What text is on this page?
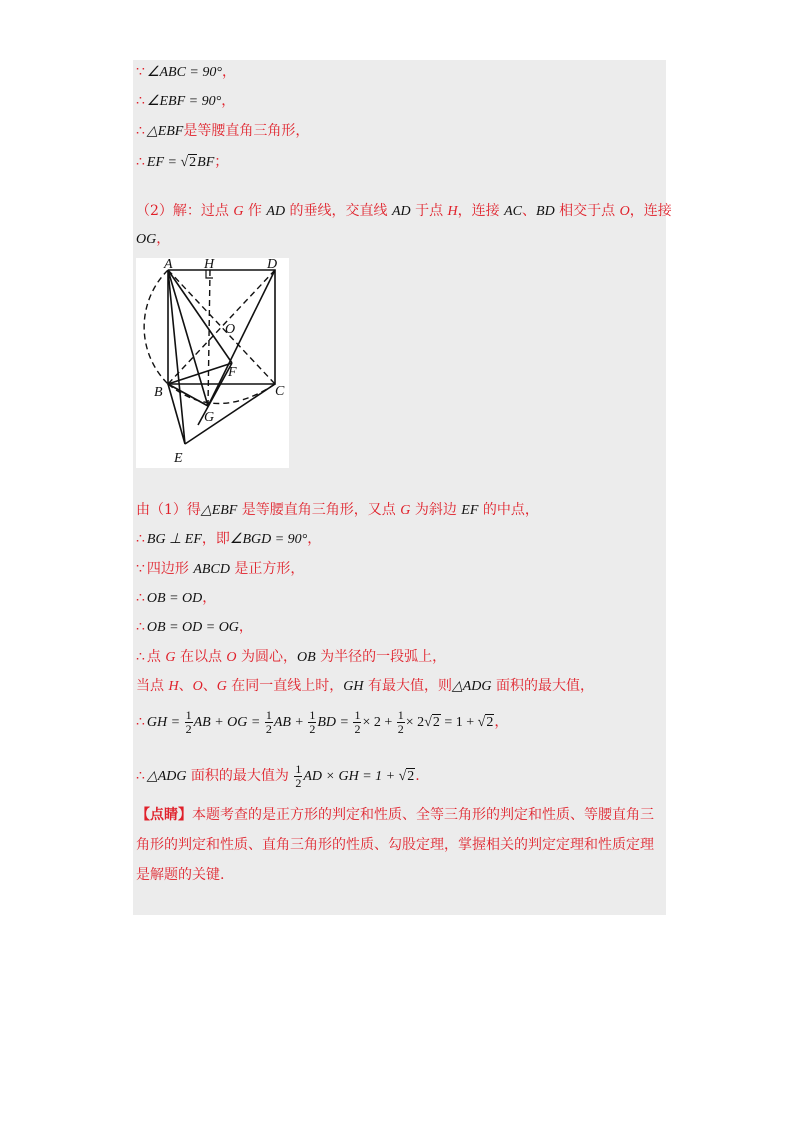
∵ ∠ABC = 90°，
∴ ∠EBF = 90°，
∴ △EBF是等腰直角三角形，
∴ EF = √2BF；
（2）解：过点 G 作 AD 的垂线，交直线 AD 于点 H，连接 AC、BD 相交于点 O，连接
OG，
A H	D
O
F
B	C
G
E
由（1）得△EBF 是等腰直角三角形，又点 G 为斜边 EF 的中点，
∴ BG ⊥ EF，即∠BGD = 90°，
∵ 四边形 ABCD 是正方形，
∴ OB = OD，
∴ OB = OD = OG，
∴ 点 G 在以点 O 为圆心，OB 为半径的一段弧上，
当点 H、O、G 在同一直线上时，GH 有最大值，则△ADG 面积的最大值，
∴ GH = $\frac{1}{2}$ AB + OG = $\frac{1}{2}$ AB + $\frac{1}{2}$ BD = $\frac{1}{2} \times 2 + \frac{1}{2} \times 2√2 = 1 + √2$，
∴ △ADG 面积的最大值为 $\frac{1}{2}$ AD × GH = 1 + √2.
【点睛】本题考查的是正方形的判定和性质、全等三角形的判定和性质、等腰直角三角形的判定和性质、直角三角形的性质、勾股定理，掌握相关的判定定理和性质定理是解题的关键.
